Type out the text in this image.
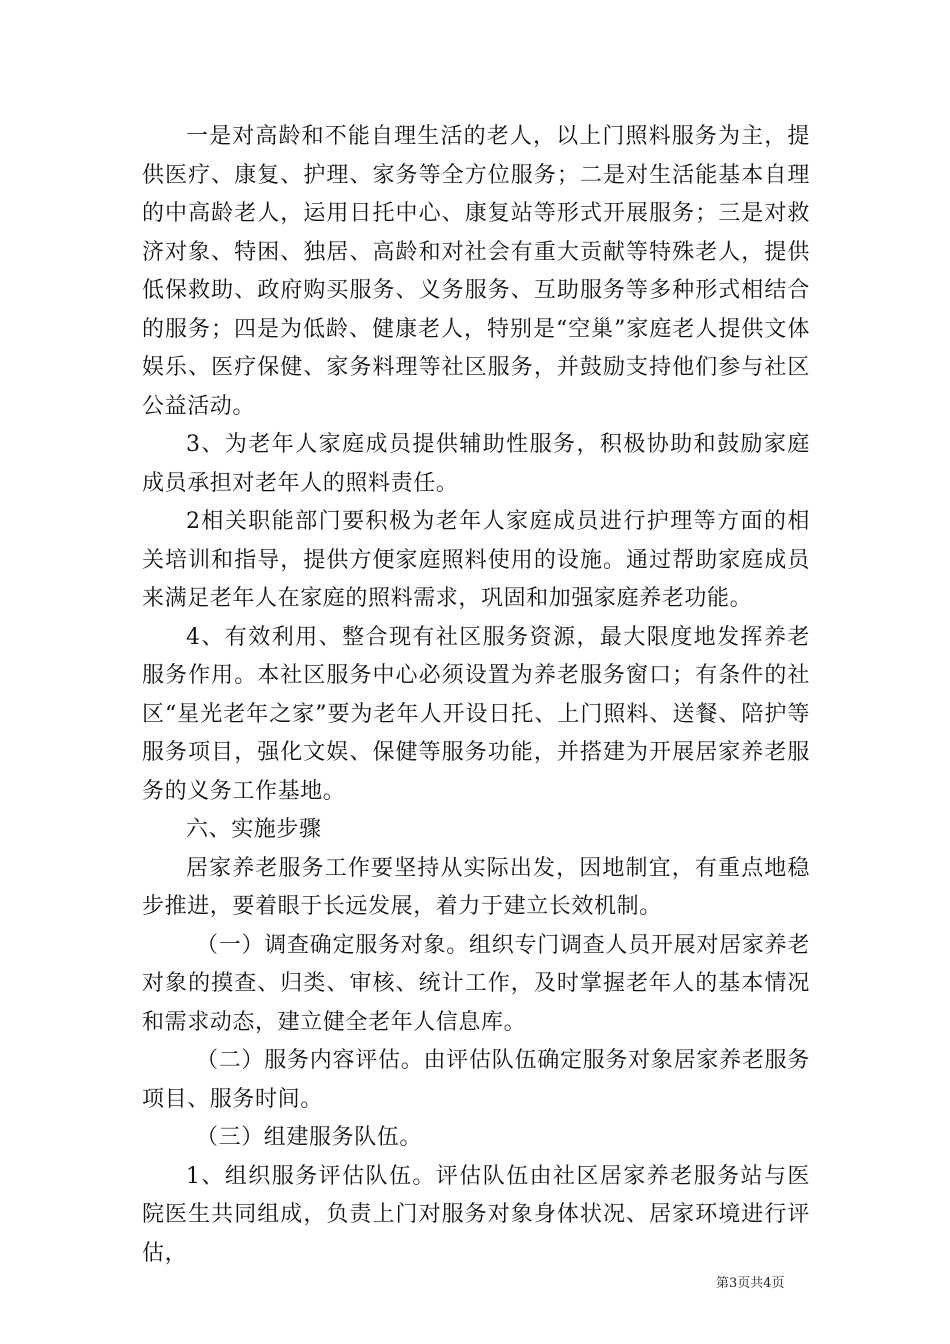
一是对高龄和不能自理生活的老人，以上门照料服务为主，提供医疗、康复、护理、家务等全方位服务；二是对生活能基本自理的中高龄老人，运用日托中心、康复站等形式开展服务；三是对救济对象、特困、独居、高龄和对社会有重大贡献等特殊老人，提供低保救助、政府购买服务、义务服务、互助服务等多种形式相结合的服务；四是为低龄、健康老人，特别是“空巢”家庭老人提供文体娱乐、医疗保健、家务料理等社区服务，并鼓励支持他们参与社区公益活动。

3、为老年人家庭成员提供辅助性服务，积极协助和鼓励家庭成员承担对老年人的照料责任。

2相关职能部门要积极为老年人家庭成员进行护理等方面的相关培训和指导，提供方便家庭照料使用的设施。通过帮助家庭成员来满足老年人在家庭的照料需求，巩固和加强家庭养老功能。

4、有效利用、整合现有社区服务资源，最大限度地发挥养老服务作用。本社区服务中心必须设置为养老服务窗口；有条件的社区“星光老年之家”要为老年人开设日托、上门照料、送餐、陪护等服务项目，强化文娱、保健等服务功能，并搭建为开展居家养老服务的义务工作基地。

六、实施步骤

居家养老服务工作要坚持从实际出发，因地制宜，有重点地稳步推进，要着眼于长远发展，着力于建立长效机制。

（一）调查确定服务对象。组织专门调查人员开展对居家养老对象的摸查、归类、审核、统计工作，及时掌握老年人的基本情况和需求动态，建立健全老年人信息库。

（二）服务内容评估。由评估队伍确定服务对象居家养老服务项目、服务时间。

（三）组建服务队伍。

1、组织服务评估队伍。评估队伍由社区居家养老服务站与医院医生共同组成，负责上门对服务对象身体状况、居家环境进行评估，

第3页共4页
